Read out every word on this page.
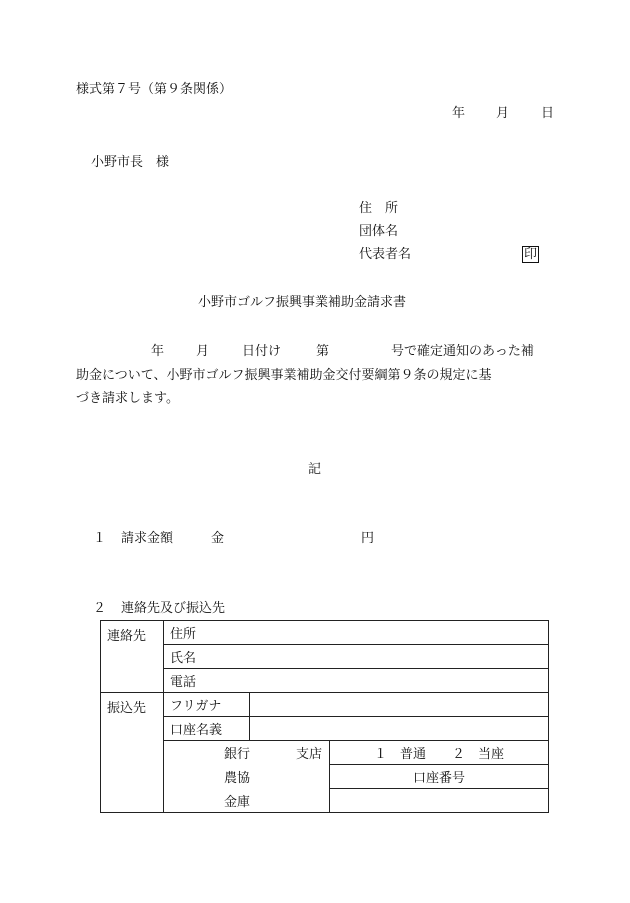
様式第７号（第９条関係）
年 月 日
小野市長　様
住　所
団体名
代表者名	印
小野市ゴルフ振興事業補助金請求書
年 月	日付け	第	号で確定通知のあった補
助金について、小野市ゴルフ振興事業補助金交付要綱第９条の規定に基
づき請求します。
記
１ 請求金額	金	円
２ 連絡先及び振込先
連絡先	住所		
	氏名		
	電話		
振込先	フリガナ		
	口座名義		
	銀行 支店		１　普通　　２　当座
	農協		口座番号
	金庫		
